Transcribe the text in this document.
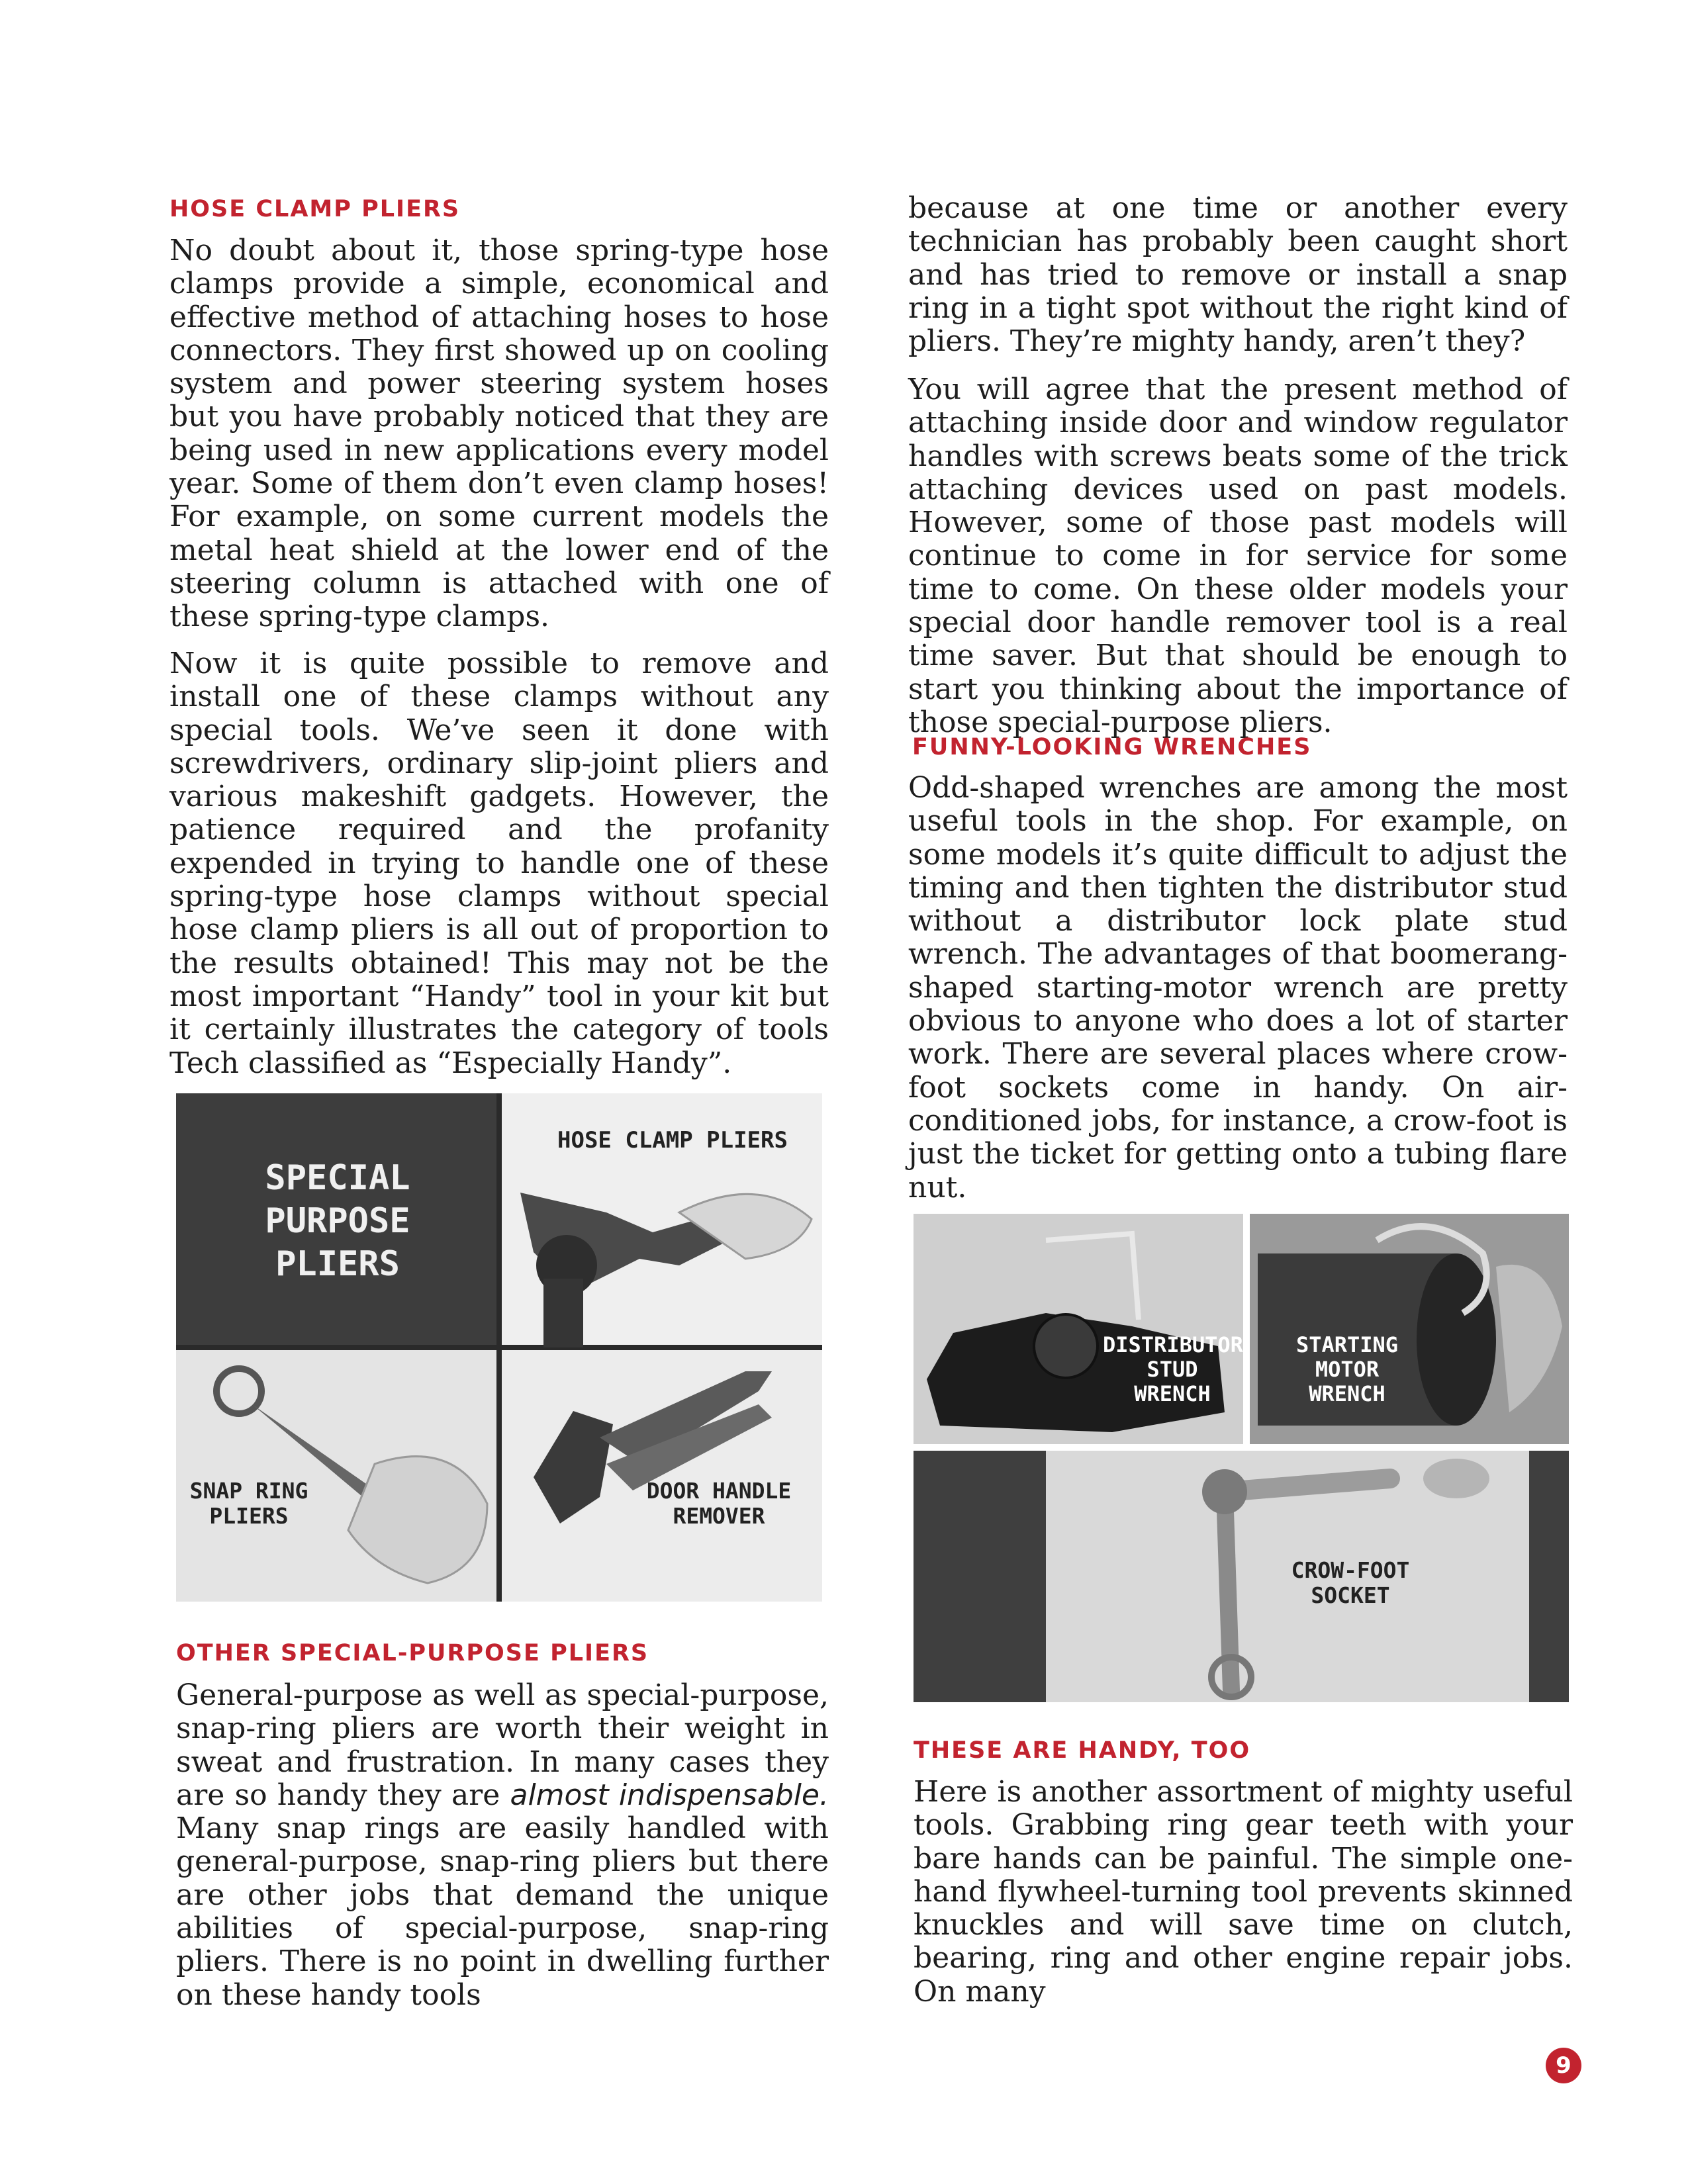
HOSE CLAMP PLIERS

No doubt about it, those spring-type hose clamps provide a simple, economical and effective method of attaching hoses to hose connectors. They first showed up on cooling system and power steering system hoses but you have probably noticed that they are being used in new applications every model year. Some of them don’t even clamp hoses! For example, on some current models the metal heat shield at the lower end of the steering column is attached with one of these spring-type clamps.

Now it is quite possible to remove and install one of these clamps without any special tools. We’ve seen it done with screwdrivers, ordinary slip-joint pliers and various makeshift gadgets. However, the patience required and the profanity expended in trying to handle one of these spring-type hose clamps without special hose clamp pliers is all out of proportion to the results obtained! This may not be the most important “Handy” tool in your kit but it certainly illustrates the category of tools Tech classified as “Especially Handy”.

SPECIAL
PURPOSE
PLIERS
HOSE CLAMP PLIERS
SNAP RING
PLIERS
DOOR HANDLE
REMOVER
OTHER SPECIAL-PURPOSE PLIERS

General-purpose as well as special-purpose, snap-ring pliers are worth their weight in sweat and frustration. In many cases they are so handy they are almost indispensable. Many snap rings are easily handled with general-purpose, snap-ring pliers but there are other jobs that demand the unique abilities of special-purpose, snap-ring pliers. There is no point in dwelling further on these handy tools

because at one time or another every technician has probably been caught short and has tried to remove or install a snap ring in a tight spot without the right kind of pliers. They’re mighty handy, aren’t they?

You will agree that the present method of attaching inside door and window regulator handles with screws beats some of the trick attaching devices used on past models. However, some of those past models will continue to come in for service for some time to come. On these older models your special door handle remover tool is a real time saver. But that should be enough to start you thinking about the importance of those special-purpose pliers.

FUNNY-LOOKING WRENCHES

Odd-shaped wrenches are among the most useful tools in the shop. For example, on some models it’s quite difficult to adjust the timing and then tighten the distributor stud without a distributor lock plate stud wrench. The advantages of that boomerang-shaped starting-motor wrench are pretty obvious to anyone who does a lot of starter work. There are several places where crow-foot sockets come in handy. On air-conditioned jobs, for instance, a crow-foot is just the ticket for getting onto a tubing flare nut.

DISTRIBUTOR
STUD
WRENCH
STARTING
MOTOR
WRENCH
CROW-FOOT
SOCKET
THESE ARE HANDY, TOO

Here is another assortment of mighty useful tools. Grabbing ring gear teeth with your bare hands can be painful. The simple one-hand flywheel-turning tool prevents skinned knuckles and will save time on clutch, bearing, ring and other engine repair jobs. On many

9
